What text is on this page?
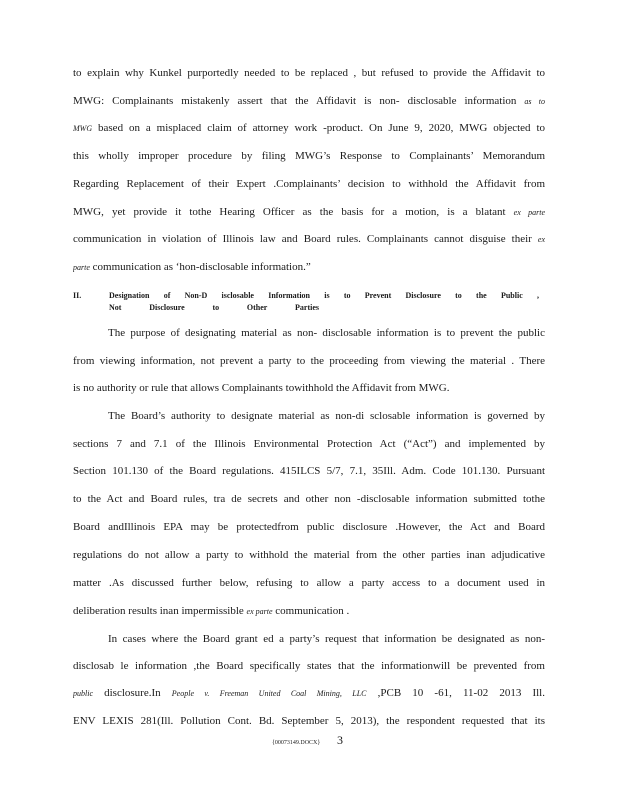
to explain why Kunkel purportedly needed to be replaced , but refused to provide the Affidavit to
MWG: Complainants mistakenly assert that the Affidavit is non- disclosable information as to
MWG based on a misplaced claim of attorney work -product. On June 9, 2020, MWG objected to
this wholly improper procedure by filing MWG’s Response to Complainants’ Memorandum
Regarding Replacement of their Expert .Complainants’ decision to withhold the Affidavit from
MWG, yet provide it tothe Hearing Officer as the basis for a motion, is a blatant ex parte
communication in violation of Illinois law and Board rules. Complainants cannot disguise their ex
parte communication as ‘hon-disclosable information.”
II.	Designation of Non-D isclosable Information is to Prevent Disclosure to the Public ,
Not Disclosure to Other Parties
The purpose of designating material as non- disclosable information is to prevent the public
from viewing information, not prevent a party to the proceeding from viewing the material . There
is no authority or rule that allows Complainants towithhold the Affidavit from MWG.
The Board’s authority to designate material as non-di sclosable information is governed by
sections 7 and 7.1 of the Illinois Environmental Protection Act (“Act”) and implemented by
Section 101.130 of the Board regulations. 415ILCS 5/7, 7.1, 35Ill. Adm. Code 101.130. Pursuant
to the Act and Board rules, tra de secrets and other non -disclosable information submitted tothe
Board andIllinois EPA may be protectedfrom public disclosure .However, the Act and Board
regulations do not allow a party to withhold the material from the other parties inan adjudicative
matter .As discussed further below, refusing to allow a party access to a document used in
deliberation results inan impermissible ex parte communication .
In cases where the Board grant ed a party’s request that information be designated as non-
disclosab le information ,the Board specifically states that the informationwill be prevented from
public disclosure.In People v. Freeman United Coal Mining, LLC ,PCB 10 -61, 11-02 2013 Ill.
ENV LEXIS 281(Ill. Pollution Cont. Bd. September 5, 2013), the respondent requested that its
{00073149.DOCX} 3
